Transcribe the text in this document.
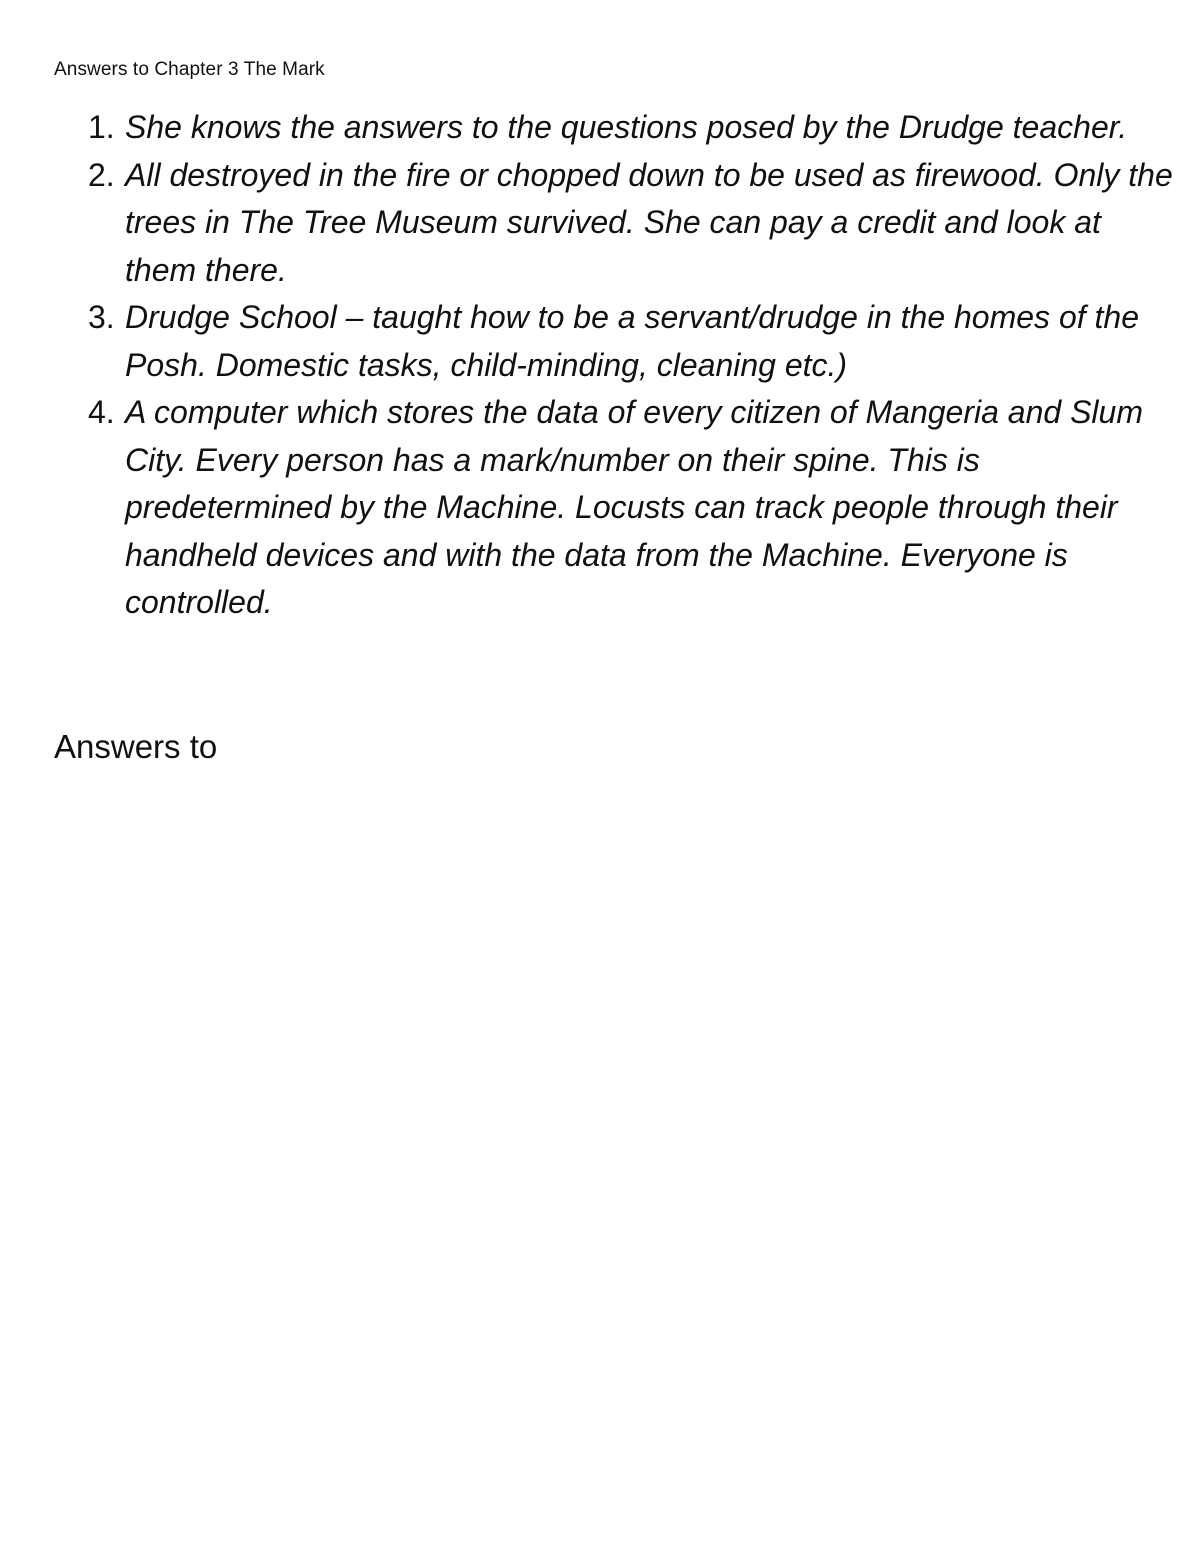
Answers to Chapter 3 The Mark
1. She knows the answers to the questions posed by the Drudge teacher.
2. All destroyed in the fire or chopped down to be used as firewood. Only the trees in The Tree Museum survived. She can pay a credit and look at them there.
3. Drudge School – taught how to be a servant/drudge in the homes of the Posh. Domestic tasks, child-minding, cleaning etc.)
4. A computer which stores the data of every citizen of Mangeria and Slum City. Every person has a mark/number on their spine. This is predetermined by the Machine. Locusts can track people through their handheld devices and with the data from the Machine. Everyone is controlled.
Answers to
